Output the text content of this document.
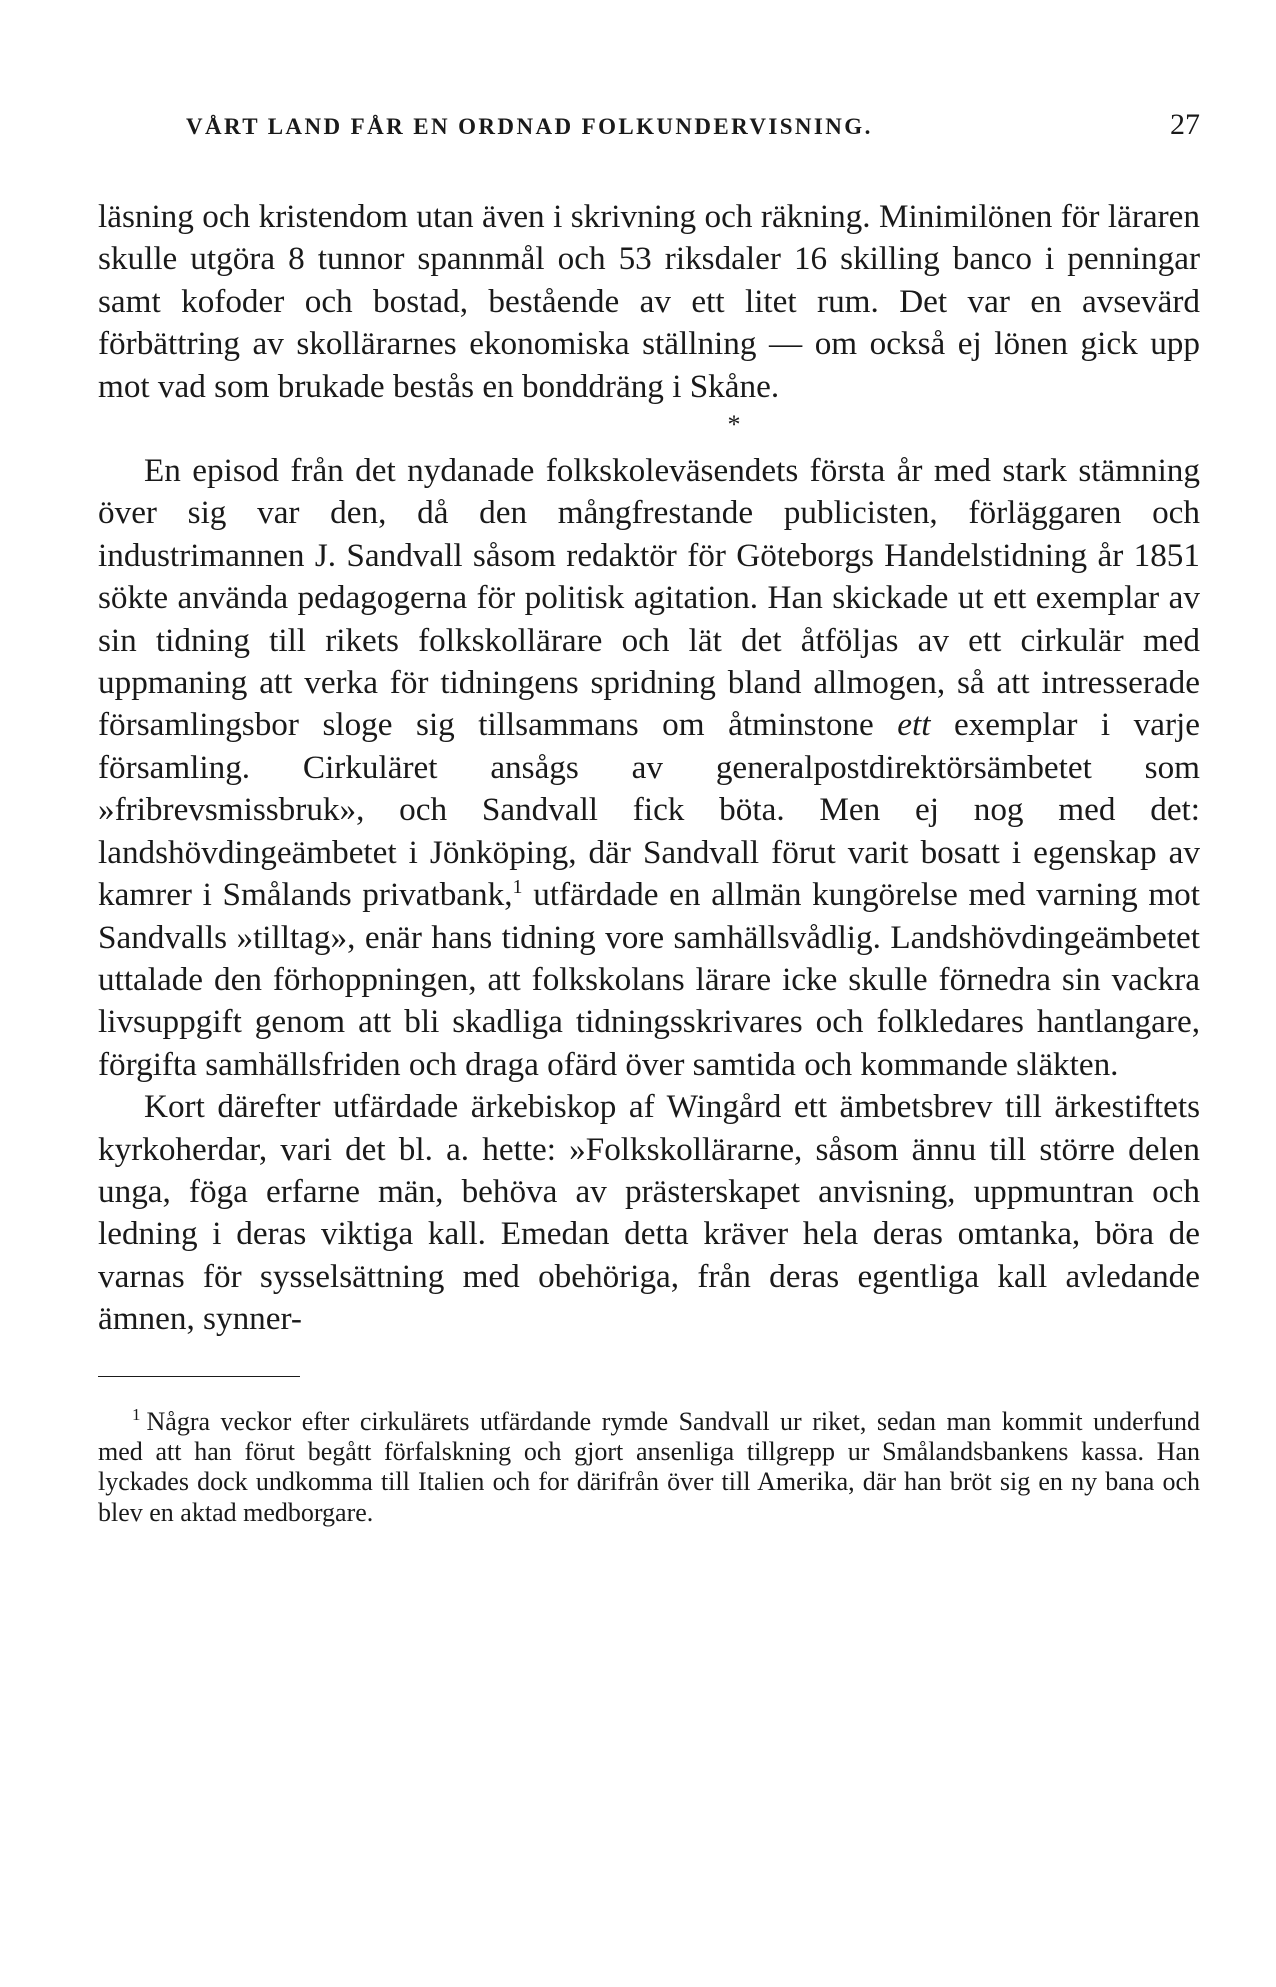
VÅRT LAND FÅR EN ORDNAD FOLKUNDERVISNING.	27

läsning och kristendom utan även i skrivning och räkning. Minimilönen för läraren skulle utgöra 8 tunnor spannmål och 53 riksdaler 16 skilling banco i penningar samt kofoder och bostad, bestående av ett litet rum. Det var en avsevärd förbättring av skollärarnes ekonomiska ställning — om också ej lönen gick upp mot vad som brukade bestås en bonddräng i Skåne.

*

En episod från det nydanade folkskoleväsendets första år med stark stämning över sig var den, då den mångfrestande publicisten, förläggaren och industrimannen J. Sandvall såsom redaktör för Göteborgs Handelstidning år 1851 sökte använda pedagogerna för politisk agitation. Han skickade ut ett exemplar av sin tidning till rikets folkskollärare och lät det åtföljas av ett cirkulär med uppmaning att verka för tidningens spridning bland allmogen, så att intresserade församlingsbor sloge sig tillsammans om åtminstone ett exemplar i varje församling. Cirkuläret ansågs av generalpostdirektörsämbetet som »fribrevsmissbruk», och Sandvall fick böta. Men ej nog med det: landshövdingeämbetet i Jönköping, där Sandvall förut varit bosatt i egenskap av kamrer i Smålands privatbank,$^1$ utfärdade en allmän kungörelse med varning mot Sandvalls »tilltag», enär hans tidning vore samhällsvådlig. Landshövdingeämbetet uttalade den förhoppningen, att folkskolans lärare icke skulle förnedra sin vackra livsuppgift genom att bli skadliga tidningsskrivares och folkledares hantlangare, förgifta samhällsfriden och draga ofärd över samtida och kommande släkten.

Kort därefter utfärdade ärkebiskop af Wingård ett ämbetsbrev till ärkestiftets kyrkoherdar, vari det bl. a. hette: »Folkskollärarne, såsom ännu till större delen unga, föga erfarne män, behöva av prästerskapet anvisning, uppmuntran och ledning i deras viktiga kall. Emedan detta kräver hela deras omtanka, böra de varnas för sysselsättning med obehöriga, från deras egentliga kall avledande ämnen, synner-

$^1$ Några veckor efter cirkulärets utfärdande rymde Sandvall ur riket, sedan man kommit underfund med att han förut begått förfalskning och gjort ansenliga tillgrepp ur Smålandsbankens kassa. Han lyckades dock undkomma till Italien och for därifrån över till Amerika, där han bröt sig en ny bana och blev en aktad medborgare.
